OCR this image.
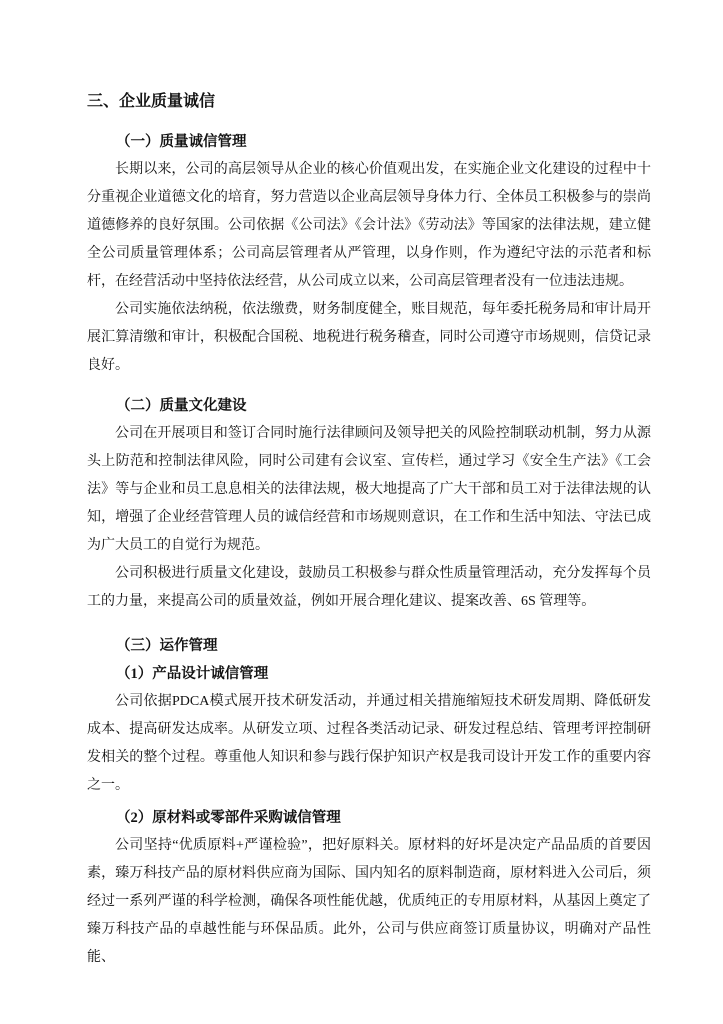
三、企业质量诚信
（一）质量诚信管理

长期以来，公司的高层领导从企业的核心价值观出发，在实施企业文化建设的过程中十分重视企业道德文化的培育，努力营造以企业高层领导身体力行、全体员工积极参与的崇尚道德修养的良好氛围。公司依据《公司法》《会计法》《劳动法》等国家的法律法规，建立健全公司质量管理体系；公司高层管理者从严管理，以身作则，作为遵纪守法的示范者和标杆，在经营活动中坚持依法经营，从公司成立以来，公司高层管理者没有一位违法违规。

公司实施依法纳税，依法缴费，财务制度健全，账目规范，每年委托税务局和审计局开展汇算清缴和审计，积极配合国税、地税进行税务稽查，同时公司遵守市场规则，信贷记录良好。

（二）质量文化建设

公司在开展项目和签订合同时施行法律顾问及领导把关的风险控制联动机制，努力从源头上防范和控制法律风险，同时公司建有会议室、宣传栏，通过学习《安全生产法》《工会法》等与企业和员工息息相关的法律法规，极大地提高了广大干部和员工对于法律法规的认知，增强了企业经营管理人员的诚信经营和市场规则意识，在工作和生活中知法、守法已成为广大员工的自觉行为规范。

公司积极进行质量文化建设，鼓励员工积极参与群众性质量管理活动，充分发挥每个员工的力量，来提高公司的质量效益，例如开展合理化建议、提案改善、6S 管理等。

（三）运作管理
（1）产品设计诚信管理

公司依据PDCA模式展开技术研发活动，并通过相关措施缩短技术研发周期、降低研发成本、提高研发达成率。从研发立项、过程各类活动记录、研发过程总结、管理考评控制研发相关的整个过程。尊重他人知识和参与践行保护知识产权是我司设计开发工作的重要内容之一。

（2）原材料或零部件采购诚信管理

公司坚持“优质原料+严谨检验”，把好原料关。原材料的好坏是决定产品品质的首要因素，臻万科技产品的原材料供应商为国际、国内知名的原料制造商，原材料进入公司后，须经过一系列严谨的科学检测，确保各项性能优越，优质纯正的专用原材料，从基因上奠定了臻万科技产品的卓越性能与环保品质。此外，公司与供应商签订质量协议，明确对产品性能、
